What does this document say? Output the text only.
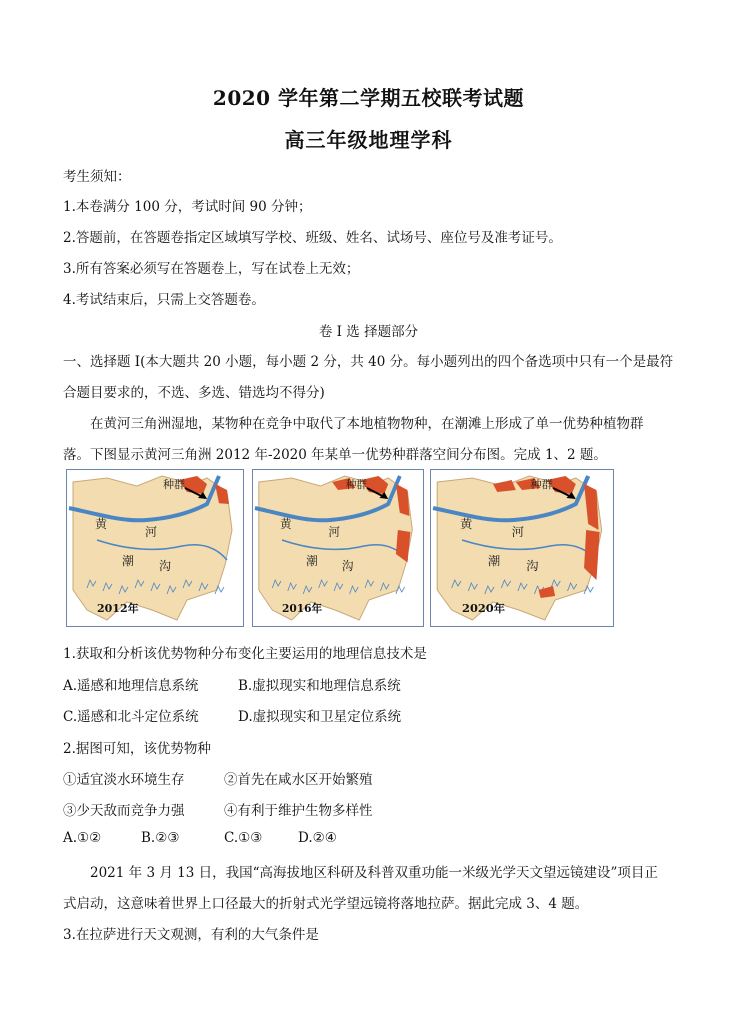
2020 学年第二学期五校联考试题
高三年级地理学科
考生须知：
1.本卷满分 100 分，考试时间 90 分钟；
2.答题前，在答题卷指定区域填写学校、班级、姓名、试场号、座位号及准考证号。
3.所有答案必须写在答题卷上，写在试卷上无效；
4.考试结束后，只需上交答题卷。
卷 I 选 择题部分
一、选择题 I(本大题共 20 小题，每小题 2 分，共 40 分。每小题列出的四个备选项中只有一个是最符
合题目要求的，不选、多选、错选均不得分)
在黄河三角洲湿地，某物种在竞争中取代了本地植物物种，在潮滩上形成了单一优势种植物群
落。下图显示黄河三角洲 2012 年-2020 年某单一优势种群落空间分布图。完成 1、2 题。
种群
黄
河
潮 沟
2012年
种群
黄
河
潮 沟
2016年
种群
黄
河
潮 沟
2020年
1.获取和分析该优势物种分布变化主要运用的地理信息技术是
A.遥感和地理信息系统	B.虚拟现实和地理信息系统
C.遥感和北斗定位系统	D.虚拟现实和卫星定位系统
2.据图可知，该优势物种
①适宜淡水环境生存	②首先在咸水区开始繁殖
③少天敌而竞争力强	④有利于维护生物多样性
A.①②	B.②③	C.①③	D.②④
2021 年 3 月 13 日，我国“高海拔地区科研及科普双重功能一米级光学天文望远镜建设”项目正
式启动，这意味着世界上口径最大的折射式光学望远镜将落地拉萨。据此完成 3、4 题。
3.在拉萨进行天文观测，有利的大气条件是
